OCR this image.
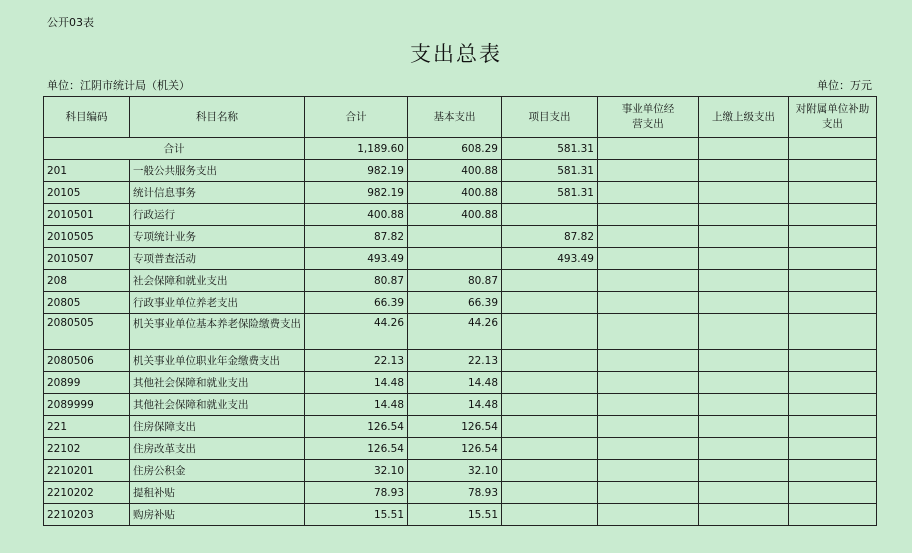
公开03表
支出总表
单位：江阴市统计局（机关）	单位：万元
科目编码	科目名称	合计	基本支出	项目支出	事业单位经营支出	上缴上级支出	对附属单位补助支出
合计		1,189.60	608.29	581.31			
201	一般公共服务支出	982.19	400.88	581.31			
20105	统计信息事务	982.19	400.88	581.31			
2010501	行政运行	400.88	400.88				
2010505	专项统计业务	87.82		87.82			
2010507	专项普查活动	493.49		493.49			
208	社会保障和就业支出	80.87	80.87				
20805	行政事业单位养老支出	66.39	66.39				
2080505	机关事业单位基本养老保险缴费支出	44.26	44.26				
2080506	机关事业单位职业年金缴费支出	22.13	22.13				
20899	其他社会保障和就业支出	14.48	14.48				
2089999	其他社会保障和就业支出	14.48	14.48				
221	住房保障支出	126.54	126.54				
22102	住房改革支出	126.54	126.54				
2210201	住房公积金	32.10	32.10				
2210202	提租补贴	78.93	78.93				
2210203	购房补贴	15.51	15.51				
